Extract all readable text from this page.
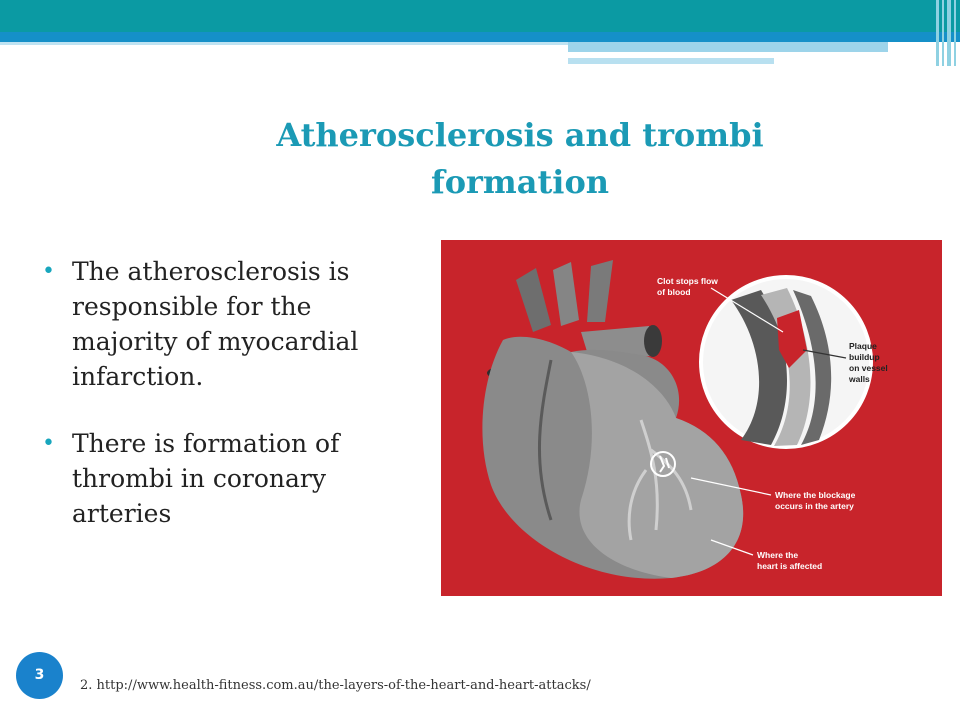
Atherosclerosis and trombi
formation
• The atherosclerosis is responsible for the majority of myocardial infarction.
• There is formation of thrombi in coronary arteries
Clot stops flow
of blood
Plaque
buildup
on vessel
walls
Where the blockage
occurs in the artery
Where the
heart is affected
3
2. http://www.health-fitness.com.au/the-layers-of-the-heart-and-heart-attacks/
